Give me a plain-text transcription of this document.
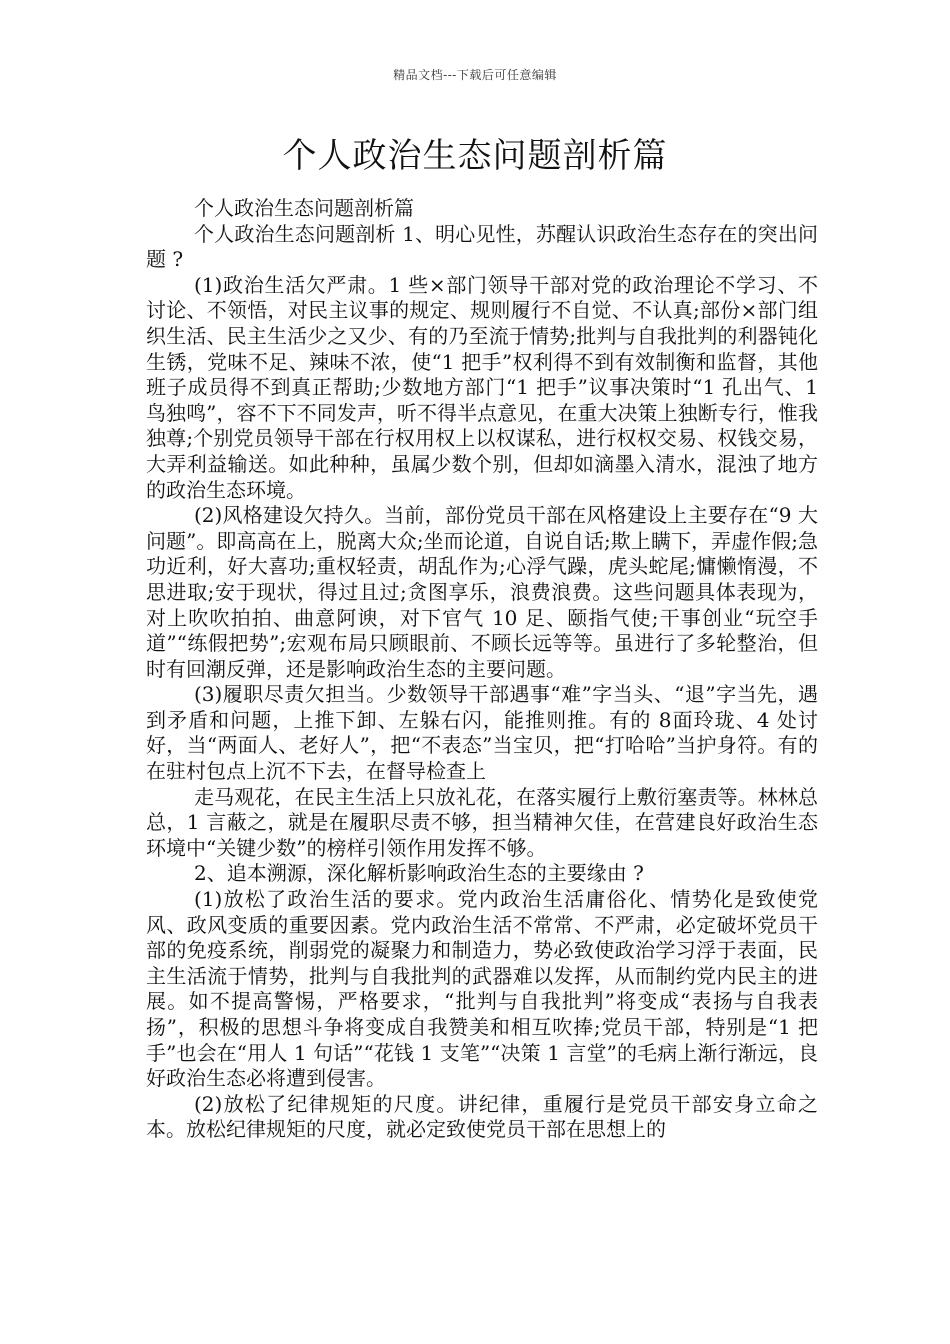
精品文档---下载后可任意编辑
个人政治生态问题剖析篇

个人政治生态问题剖析篇

个人政治生态问题剖析 1、明心见性，苏醒认识政治生态存在的突出问题 ?

(1)政治生活欠严肃。1 些×部门领导干部对党的政治理论不学习、不讨论、不领悟，对民主议事的规定、规则履行不自觉、不认真;部份×部门组织生活、民主生活少之又少、有的乃至流于情势;批判与自我批判的利器钝化生锈，党味不足、辣味不浓，使“1 把手”权利得不到有效制衡和监督，其他班子成员得不到真正帮助;少数地方部门“1 把手”议事决策时“1 孔出气、1 鸟独鸣”，容不下不同发声，听不得半点意见，在重大决策上独断专行，惟我独尊;个别党员领导干部在行权用权上以权谋私，进行权权交易、权钱交易，大弄利益输送。如此种种，虽属少数个别，但却如滴墨入清水，混浊了地方的政治生态环境。

(2)风格建设欠持久。当前，部份党员干部在风格建设上主要存在“9 大问题”。即高高在上，脱离大众;坐而论道，自说自话;欺上瞒下，弄虚作假;急功近利，好大喜功;重权轻责，胡乱作为;心浮气躁，虎头蛇尾;慵懒惰漫，不思进取;安于现状，得过且过;贪图享乐，浪费浪费。这些问题具体表现为，对上吹吹拍拍、曲意阿谀，对下官气 10 足、颐指气使;干事创业“玩空手道”“练假把势”;宏观布局只顾眼前、不顾长远等等。虽进行了多轮整治，但时有回潮反弹，还是影响政治生态的主要问题。

(3)履职尽责欠担当。少数领导干部遇事“难”字当头、“退”字当先，遇到矛盾和问题，上推下卸、左躲右闪，能推则推。有的 8面玲珑、4 处讨好，当“两面人、老好人”，把“不表态”当宝贝，把“打哈哈”当护身符。有的在驻村包点上沉不下去，在督导检查上

走马观花，在民主生活上只放礼花，在落实履行上敷衍塞责等。林林总总，1 言蔽之，就是在履职尽责不够，担当精神欠佳，在营建良好政治生态环境中“关键少数”的榜样引领作用发挥不够。

2、追本溯源，深化解析影响政治生态的主要缘由 ?

(1)放松了政治生活的要求。党内政治生活庸俗化、情势化是致使党风、政风变质的重要因素。党内政治生活不常常、不严肃，必定破坏党员干部的免疫系统，削弱党的凝聚力和制造力，势必致使政治学习浮于表面，民主生活流于情势，批判与自我批判的武器难以发挥，从而制约党内民主的进展。如不提高警惕，严格要求，“批判与自我批判”将变成“表扬与自我表扬”，积极的思想斗争将变成自我赞美和相互吹捧;党员干部，特别是“1 把手”也会在“用人 1 句话”“花钱 1 支笔”“决策 1 言堂”的毛病上渐行渐远，良好政治生态必将遭到侵害。

(2)放松了纪律规矩的尺度。讲纪律，重履行是党员干部安身立命之本。放松纪律规矩的尺度，就必定致使党员干部在思想上的
